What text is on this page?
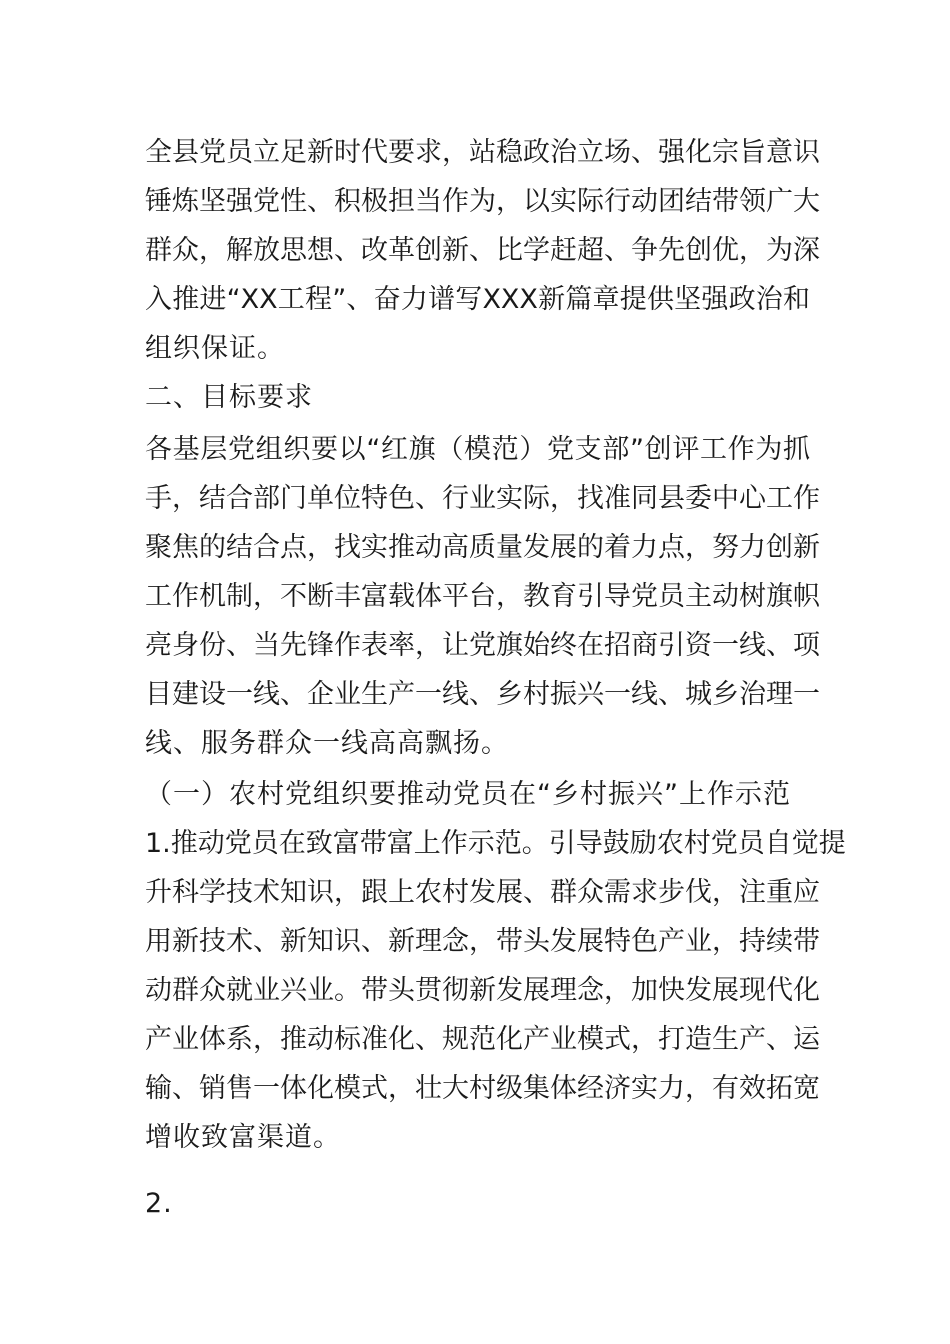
全县党员立足新时代要求，站稳政治立场、强化宗旨意识
锤炼坚强党性、积极担当作为，以实际行动团结带领广大
群众，解放思想、改革创新、比学赶超、争先创优，为深
入推进“XX工程”、奋力谱写XXX新篇章提供坚强政治和
组织保证。
二、目标要求
各基层党组织要以“红旗（模范）党支部”创评工作为抓
手，结合部门单位特色、行业实际，找准同县委中心工作
聚焦的结合点，找实推动高质量发展的着力点，努力创新
工作机制，不断丰富载体平台，教育引导党员主动树旗帜
亮身份、当先锋作表率，让党旗始终在招商引资一线、项
目建设一线、企业生产一线、乡村振兴一线、城乡治理一
线、服务群众一线高高飘扬。
（一）农村党组织要推动党员在“乡村振兴”上作示范
1.推动党员在致富带富上作示范。引导鼓励农村党员自觉提
升科学技术知识，跟上农村发展、群众需求步伐，注重应
用新技术、新知识、新理念，带头发展特色产业，持续带
动群众就业兴业。带头贯彻新发展理念，加快发展现代化
产业体系，推动标准化、规范化产业模式，打造生产、运
输、销售一体化模式，壮大村级集体经济实力，有效拓宽
增收致富渠道。
2.
